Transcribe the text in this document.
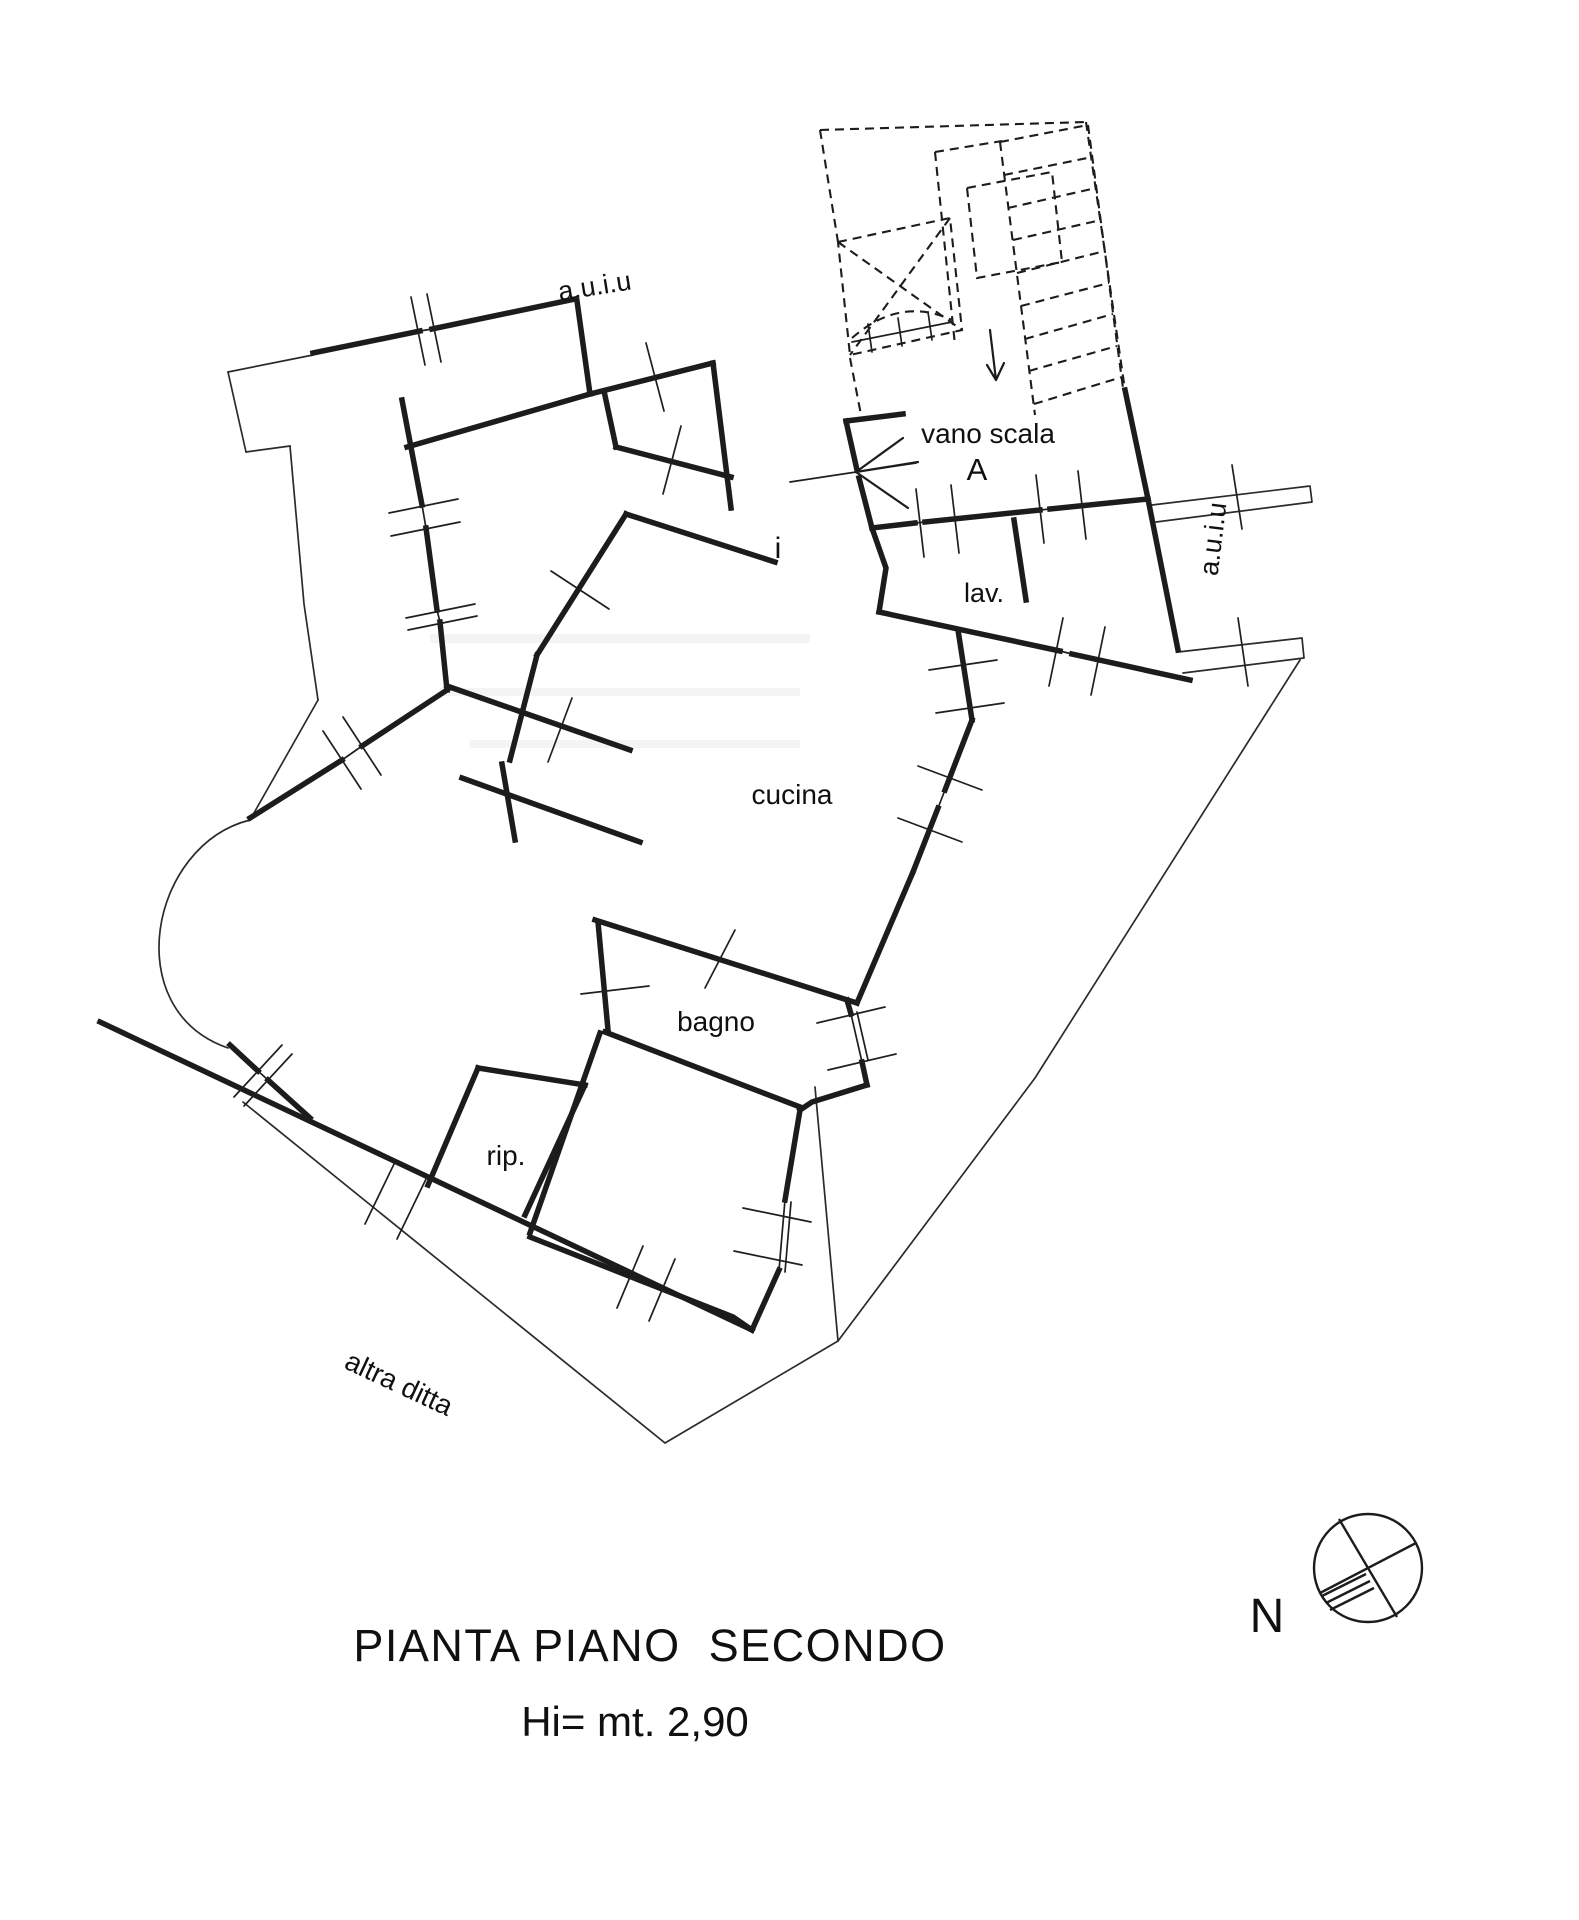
a.u.i.u
a.u.i.u
vano scala
A
i
lav.
cucina
bagno
rip.
altra ditta
N
PIANTA PIANO  SECONDO
Hi= mt. 2,90
